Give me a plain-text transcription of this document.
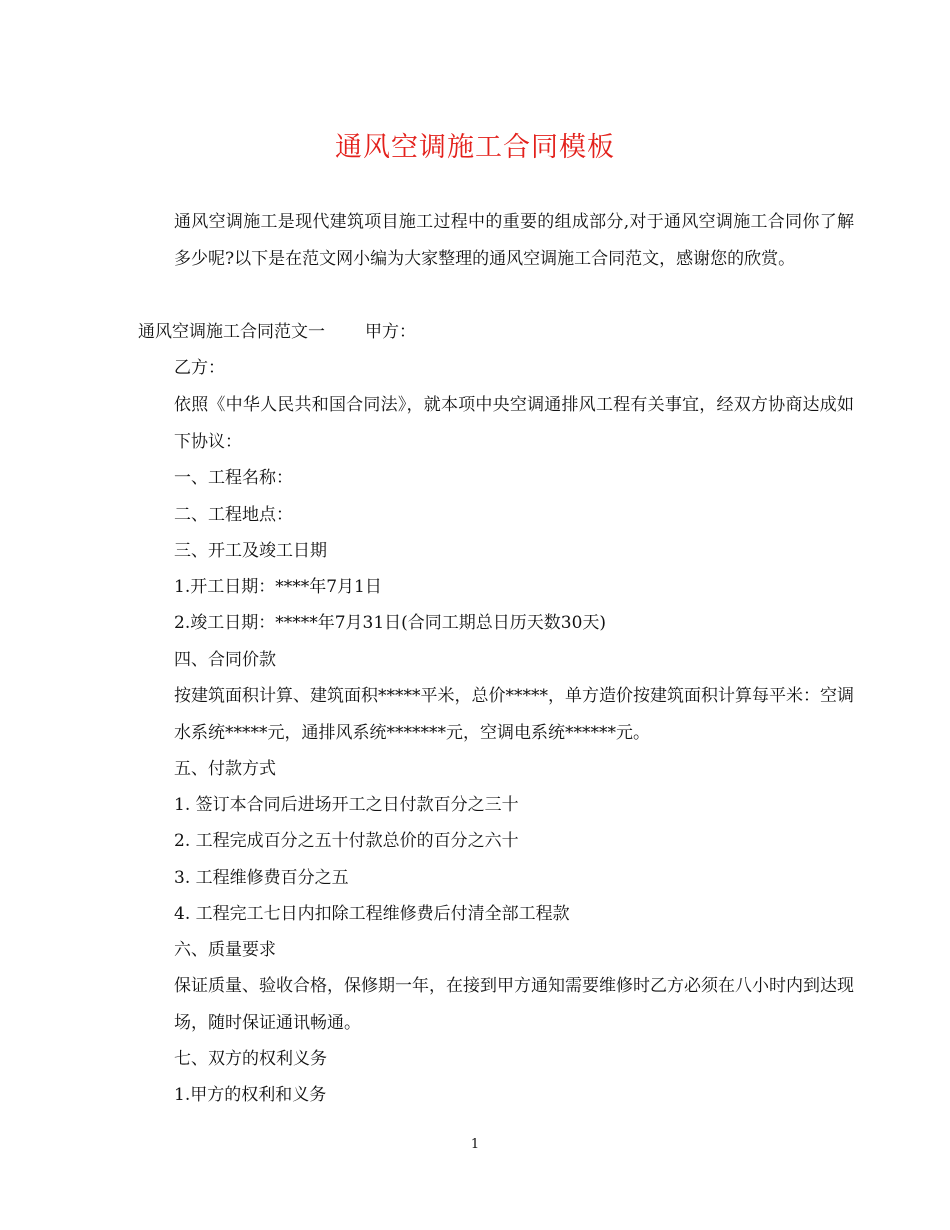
通风空调施工合同模板
通风空调施工是现代建筑项目施工过程中的重要的组成部分,对于通风空调施工合同你了解多少呢?以下是在范文网小编为大家整理的通风空调施工合同范文，感谢您的欣赏。
通风空调施工合同范文一 甲方：
乙方：
依照《中华人民共和国合同法》，就本项中央空调通排风工程有关事宜，经双方协商达成如下协议：
一、工程名称：
二、工程地点：
三、开工及竣工日期
1.开工日期：****年7月1日
2.竣工日期：*****年7月31日(合同工期总日历天数30天)
四、合同价款
按建筑面积计算、建筑面积*****平米，总价*****，单方造价按建筑面积计算每平米：空调水系统*****元，通排风系统*******元，空调电系统******元。
五、付款方式
1. 签订本合同后进场开工之日付款百分之三十
2. 工程完成百分之五十付款总价的百分之六十
3. 工程维修费百分之五
4. 工程完工七日内扣除工程维修费后付清全部工程款
六、质量要求
保证质量、验收合格，保修期一年，在接到甲方通知需要维修时乙方必须在八小时内到达现场，随时保证通讯畅通。
七、双方的权利义务
1.甲方的权利和义务
1
